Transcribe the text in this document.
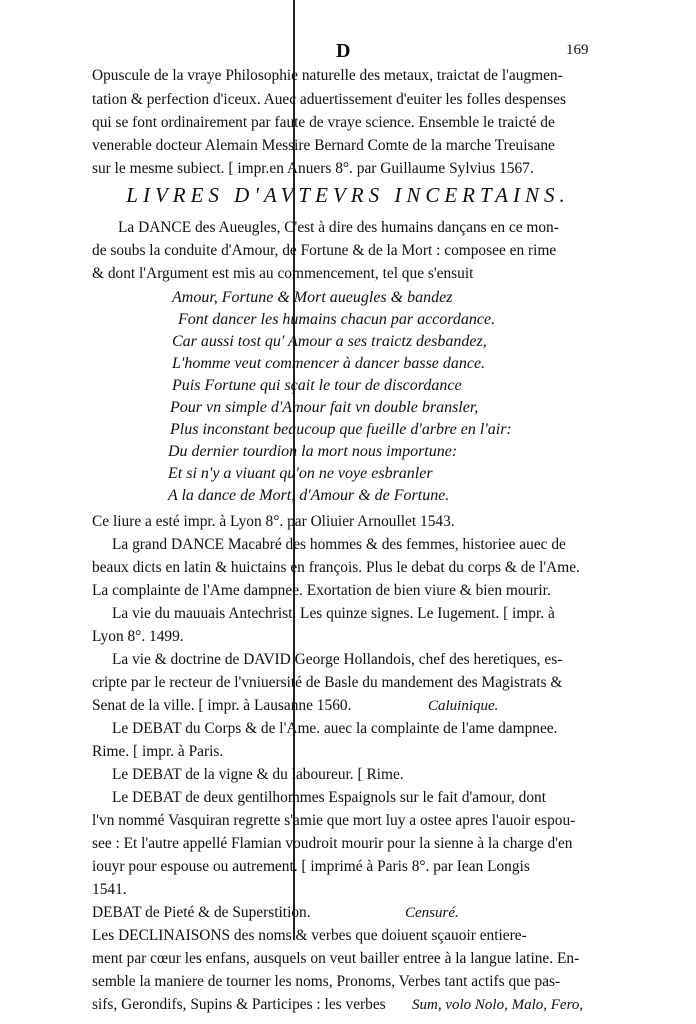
D	169
Opuscule de la vraye Philosophie naturelle des metaux, traictat de l'augmen-
tation & perfection d'iceux. Auec aduertissement d'euiter les folles despenses
qui se font ordinairement par faute de vraye science. Ensemble le traicté de
venerable docteur Alemain Messire Bernard Comte de la marche Treuisane
sur le mesme subiect. [ impr.en Anuers 8°. par Guillaume Sylvius 1567.
LIVRES D'AVTEVRS INCERTAINS.
La DANCE des Aueugles, C'est à dire des humains dançans en ce mon-
de soubs la conduite d'Amour, de Fortune & de la Mort : composee en rime
& dont l'Argument est mis au commencement, tel que s'ensuit
Amour, Fortune & Mort aueugles & bandez
Font dancer les humains chacun par accordance.
Car aussi tost qu' Amour a ses traictz desbandez,
L'homme veut commencer à dancer basse dance.
Puis Fortune qui sçait le tour de discordance
Pour vn simple d'Amour fait vn double bransler,
Plus inconstant beaucoup que fueille d'arbre en l'air:
Du dernier tourdion la mort nous importune:
Et si n'y a viuant qu'on ne voye esbranler
A la dance de Mort, d'Amour & de Fortune.
Ce liure a esté impr. à Lyon 8°. par Oliuier Arnoullet 1543.
La grand DANCE Macabré des hommes & des femmes, historiee auec de
beaux dicts en latin & huictains en françois. Plus le debat du corps & de l'Ame.
La complainte de l'Ame dampnee. Exortation de bien viure & bien mourir.
La vie du mauuais Antechrist. Les quinze signes. Le Iugement. [ impr. à
Lyon 8°. 1499.
La vie & doctrine de DAVID George Hollandois, chef des heretiques, es-
cripte par le recteur de l'vniuersité de Basle du mandement des Magistrats &
Senat de la ville. [ impr. à Lausanne 1560.	Caluinique.
Le DEBAT du Corps & de l'Ame. auec la complainte de l'ame dampnee.
Rime. [ impr. à Paris.
Le DEBAT de la vigne & du laboureur. [ Rime.
Le DEBAT de deux gentilhommes Espaignols sur le fait d'amour, dont
l'vn nommé Vasquiran regrette s'amie que mort luy a ostee apres l'auoir espou-
see : Et l'autre appellé Flamian voudroit mourir pour la sienne à la charge d'en
iouyr pour espouse ou autrement. [ imprimé à Paris 8°. par Iean Longis
1541.
DEBAT de Pieté & de Superstition.	Censuré.
Les DECLINAISONS des noms & verbes que doiuent sçauoir entiere-
ment par cœur les enfans, ausquels on veut bailler entree à la langue latine. En-
semble la maniere de tourner les noms, Pronoms, Verbes tant actifs que pas-
sifs, Gerondifs, Supins & Participes : les verbes	Sum, volo Nolo, Malo, Fero,
